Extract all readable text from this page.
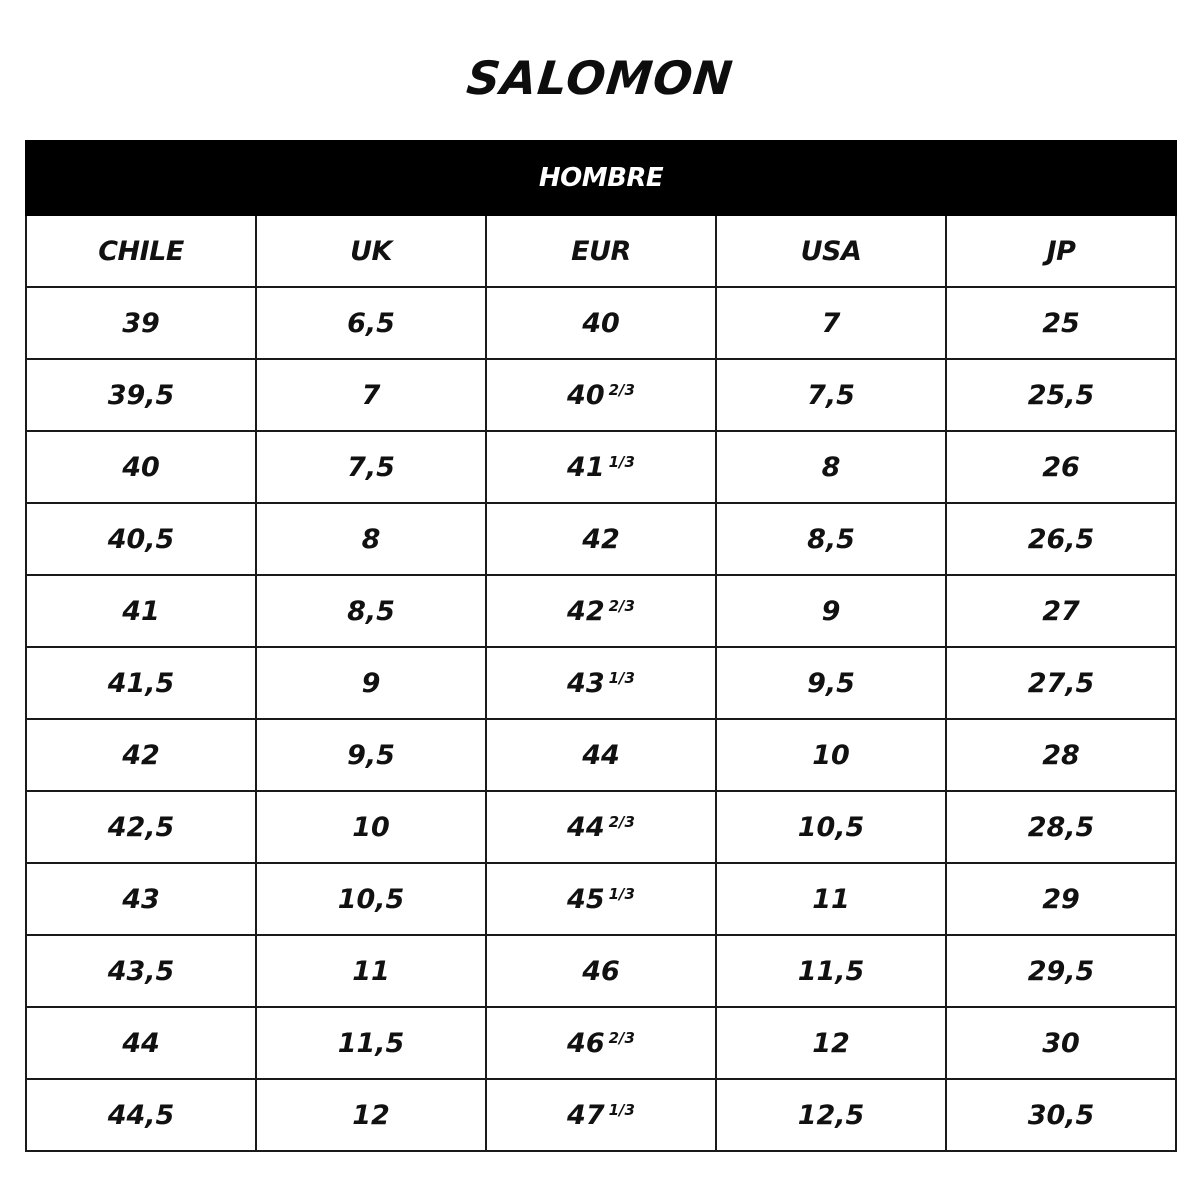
SALOMON
HOMBRE				
CHILE	UK	EUR	USA	JP
39	6,5	40	7	25
39,5	7	40 $^{2/3}$	7,5	25,5
40	7,5	41 $^{1/3}$	8	26
40,5	8	42	8,5	26,5
41	8,5	42 $^{2/3}$	9	27
41,5	9	43 $^{1/3}$	9,5	27,5
42	9,5	44	10	28
42,5	10	44 $^{2/3}$	10,5	28,5
43	10,5	45 $^{1/3}$	11	29
43,5	11	46	11,5	29,5
44	11,5	46 $^{2/3}$	12	30
44,5	12	47 $^{1/3}$	12,5	30,5
